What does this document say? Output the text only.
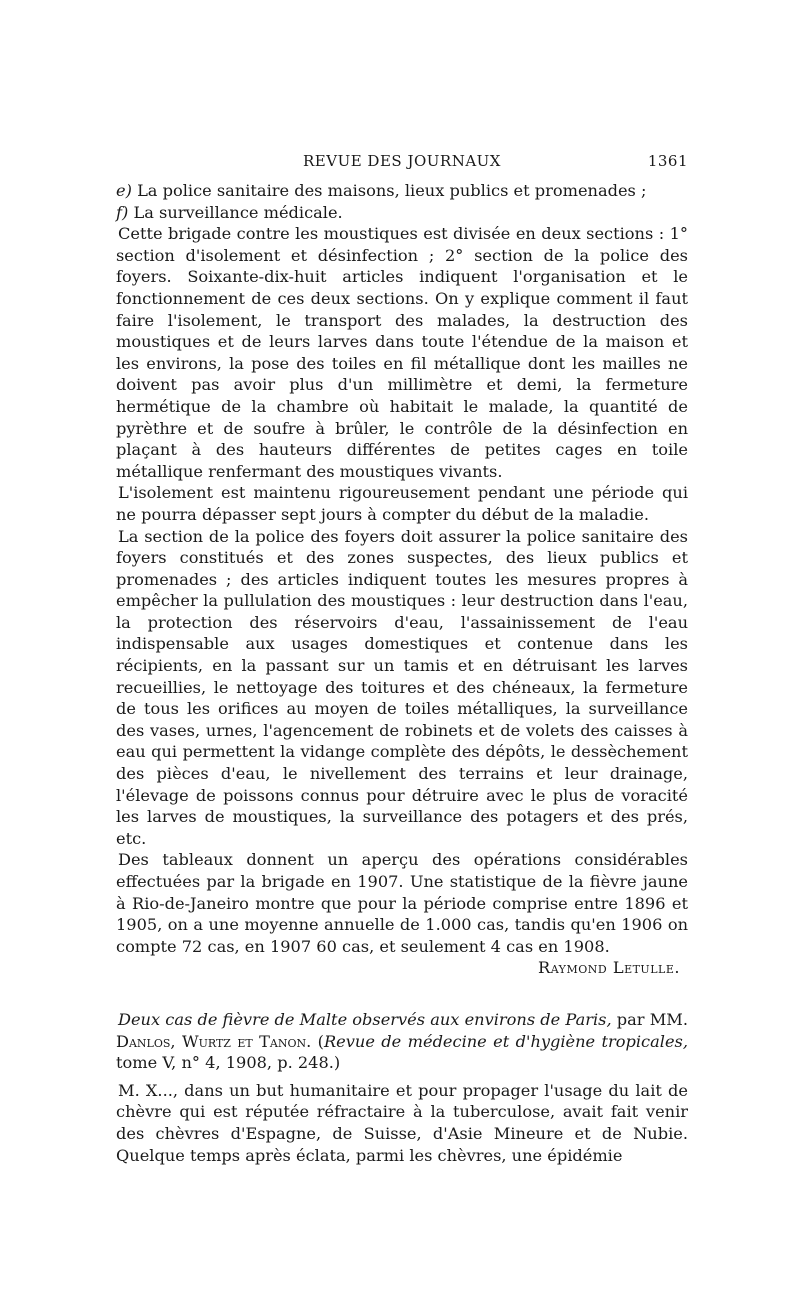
REVUE DES JOURNAUX	1361

e) La police sanitaire des maisons, lieux publics et promenades ;

f) La surveillance médicale.

Cette brigade contre les moustiques est divisée en deux sections : 1° section d'isolement et désinfection ; 2° section de la police des foyers. Soixante-dix-huit articles indiquent l'organisation et le fonctionnement de ces deux sections. On y explique comment il faut faire l'isolement, le transport des malades, la destruction des moustiques et de leurs larves dans toute l'étendue de la maison et les environs, la pose des toiles en fil métallique dont les mailles ne doivent pas avoir plus d'un millimètre et demi, la fermeture hermétique de la chambre où habitait le malade, la quantité de pyrèthre et de soufre à brûler, le contrôle de la désinfection en plaçant à des hauteurs différentes de petites cages en toile métallique renfermant des moustiques vivants.

L'isolement est maintenu rigoureusement pendant une période qui ne pourra dépasser sept jours à compter du début de la maladie.

La section de la police des foyers doit assurer la police sanitaire des foyers constitués et des zones suspectes, des lieux publics et promenades ; des articles indiquent toutes les mesures propres à empêcher la pullulation des moustiques : leur destruction dans l'eau, la protection des réservoirs d'eau, l'assainissement de l'eau indispensable aux usages domestiques et contenue dans les récipients, en la passant sur un tamis et en détruisant les larves recueillies, le nettoyage des toitures et des chéneaux, la fermeture de tous les orifices au moyen de toiles métalliques, la surveillance des vases, urnes, l'agencement de robinets et de volets des caisses à eau qui permettent la vidange complète des dépôts, le dessèchement des pièces d'eau, le nivellement des terrains et leur drainage, l'élevage de poissons connus pour détruire avec le plus de voracité les larves de moustiques, la surveillance des potagers et des prés, etc.

Des tableaux donnent un aperçu des opérations considérables effectuées par la brigade en 1907. Une statistique de la fièvre jaune à Rio-de-Janeiro montre que pour la période comprise entre 1896 et 1905, on a une moyenne annuelle de 1.000 cas, tandis qu'en 1906 on compte 72 cas, en 1907 60 cas, et seulement 4 cas en 1908.

Raymond Letulle.

Deux cas de fièvre de Malte observés aux environs de Paris, par MM. Danlos, Wurtz et Tanon. (Revue de médecine et d'hygiène tropicales, tome V, n° 4, 1908, p. 248.)

M. X..., dans un but humanitaire et pour propager l'usage du lait de chèvre qui est réputée réfractaire à la tuberculose, avait fait venir des chèvres d'Espagne, de Suisse, d'Asie Mineure et de Nubie. Quelque temps après éclata, parmi les chèvres, une épidémie
